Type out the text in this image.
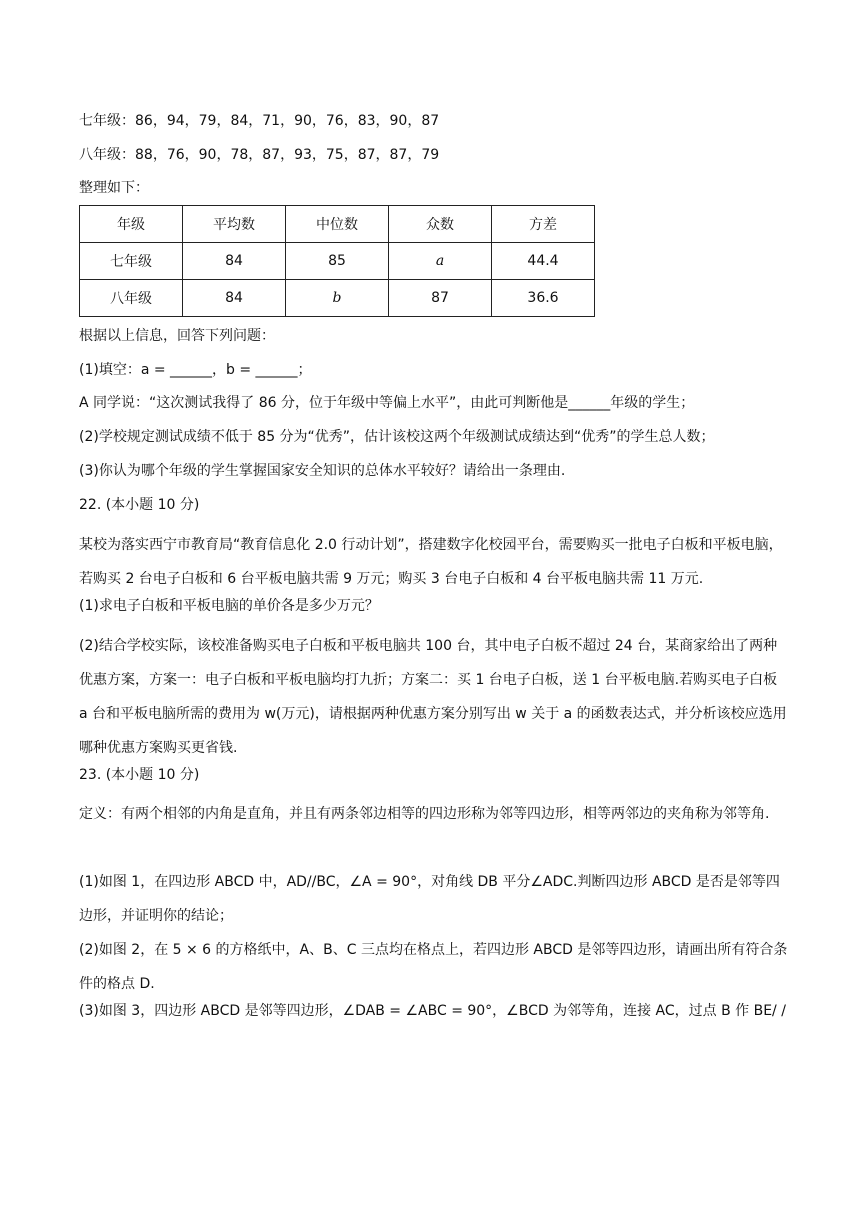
七年级：86，94，79，84，71，90，76，83，90，87
八年级：88，76，90，78，87，93，75，87，87，79
整理如下：
年级	平均数	中位数	众数	方差
七年级	84	85	a	44.4
八年级	84	b	87	36.6
根据以上信息，回答下列问题：
(1)填空：a = ______，b = ______；
A 同学说：“这次测试我得了 86 分，位于年级中等偏上水平”，由此可判断他是______年级的学生；
(2)学校规定测试成绩不低于 85 分为“优秀”，估计该校这两个年级测试成绩达到“优秀”的学生总人数；
(3)你认为哪个年级的学生掌握国家安全知识的总体水平较好？请给出一条理由.
22. (本小题 10 分)
某校为落实西宁市教育局“教育信息化 2.0 行动计划”，搭建数字化校园平台，需要购买一批电子白板和平板电脑，若购买 2 台电子白板和 6 台平板电脑共需 9 万元；购买 3 台电子白板和 4 台平板电脑共需 11 万元.
(1)求电子白板和平板电脑的单价各是多少万元？
(2)结合学校实际，该校准备购买电子白板和平板电脑共 100 台，其中电子白板不超过 24 台，某商家给出了两种优惠方案，方案一：电子白板和平板电脑均打九折；方案二：买 1 台电子白板，送 1 台平板电脑.若购买电子白板 a 台和平板电脑所需的费用为 w(万元)，请根据两种优惠方案分别写出 w 关于 a 的函数表达式，并分析该校应选用哪种优惠方案购买更省钱.
23. (本小题 10 分)
定义：有两个相邻的内角是直角，并且有两条邻边相等的四边形称为邻等四边形，相等两邻边的夹角称为邻等角.
(1)如图 1，在四边形 ABCD 中，AD//BC，∠A = 90°，对角线 DB 平分∠ADC.判断四边形 ABCD 是否是邻等四边形，并证明你的结论；
(2)如图 2，在 5 × 6 的方格纸中，A、B、C 三点均在格点上，若四边形 ABCD 是邻等四边形，请画出所有符合条件的格点 D.
(3)如图 3，四边形 ABCD 是邻等四边形，∠DAB = ∠ABC = 90°，∠BCD 为邻等角，连接 AC，过点 B 作 BE/ /
